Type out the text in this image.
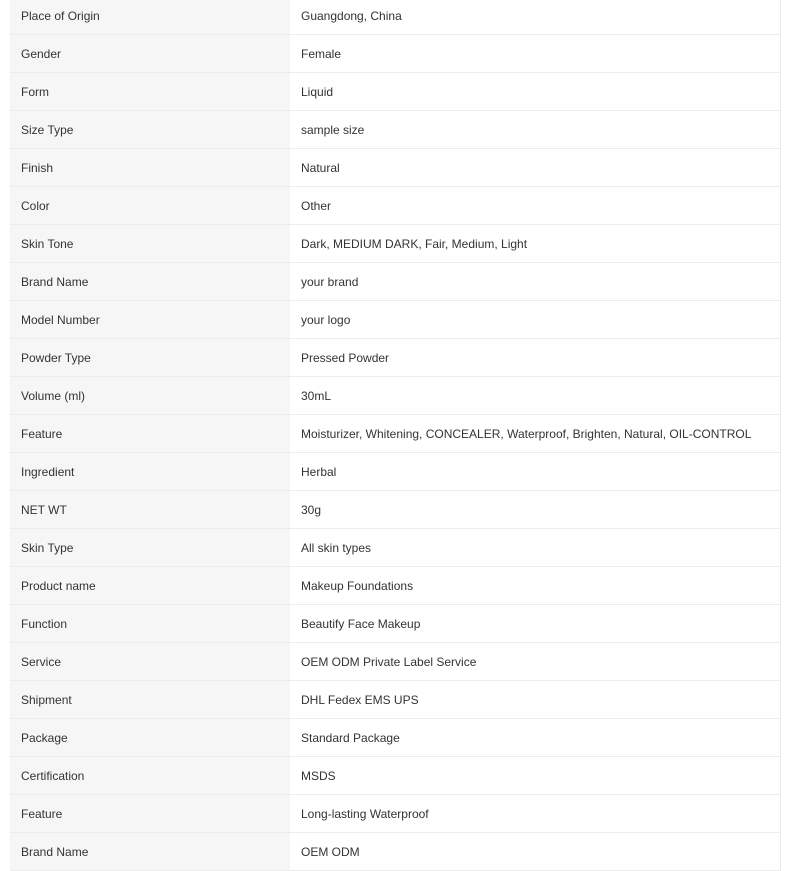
Place of Origin	Guangdong, China
Gender	Female
Form	Liquid
Size Type	sample size
Finish	Natural
Color	Other
Skin Tone	Dark, MEDIUM DARK, Fair, Medium, Light
Brand Name	your brand
Model Number	your logo
Powder Type	Pressed Powder
Volume (ml)	30mL
Feature	Moisturizer, Whitening, CONCEALER, Waterproof, Brighten, Natural, OIL-CONTROL
Ingredient	Herbal
NET WT	30g
Skin Type	All skin types
Product name	Makeup Foundations
Function	Beautify Face Makeup
Service	OEM ODM Private Label Service
Shipment	DHL Fedex EMS UPS
Package	Standard Package
Certification	MSDS
Feature	Long-lasting Waterproof
Brand Name	OEM ODM
